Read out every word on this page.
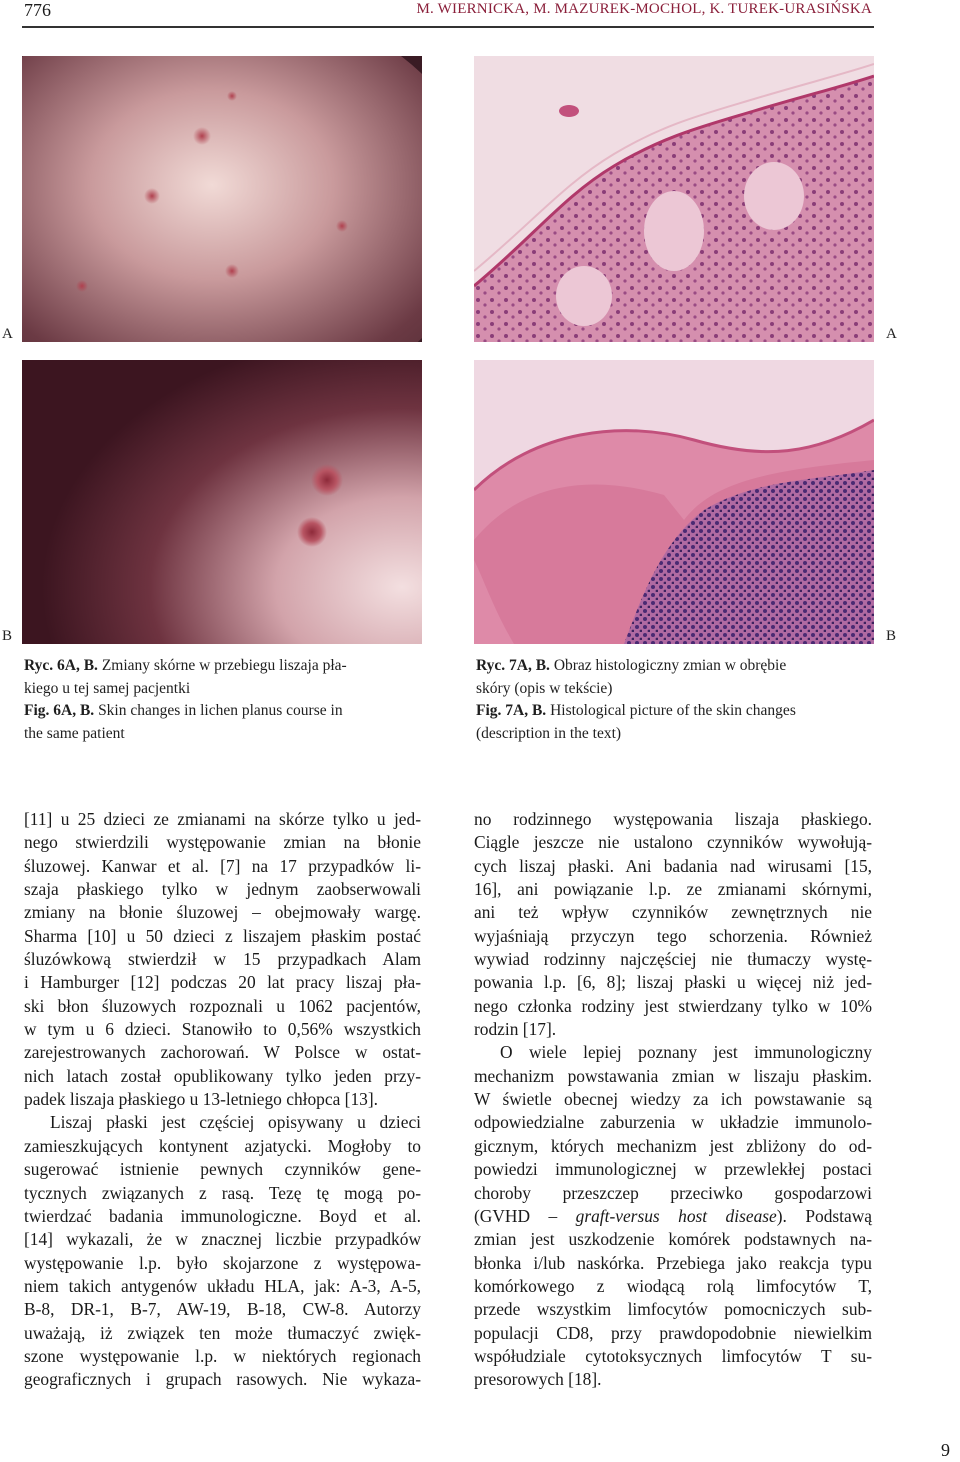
776	M. WIERNICKA, M. MAZUREK-MOCHOL, K. TUREK-URASIŃSKA
A	A
B	B
Ryc. 6A, B. Zmiany skórne w przebiegu liszaja pła-
kiego u tej samej pacjentki
Fig. 6A, B. Skin changes in lichen planus course in
the same patient
Ryc. 7A, B. Obraz histologiczny zmian w obrębie
skóry (opis w tekście)
Fig. 7A, B. Histological picture of the skin changes
(description in the text)
[11] u 25 dzieci ze zmianami na skórze tylko u jed-
nego stwierdzili występowanie zmian na błonie
śluzowej. Kanwar et al. [7] na 17 przypadków li-
szaja płaskiego tylko w jednym zaobserwowali
zmiany na błonie śluzowej – obejmowały wargę.
Sharma [10] u 50 dzieci z liszajem płaskim postać
śluzówkową stwierdził w 15 przypadkach Alam
i Hamburger [12] podczas 20 lat pracy liszaj pła-
ski błon śluzowych rozpoznali u 1062 pacjentów,
w tym u 6 dzieci. Stanowiło to 0,56% wszystkich
zarejestrowanych zachorowań. W Polsce w ostat-
nich latach został opublikowany tylko jeden przy-
padek liszaja płaskiego u 13-letniego chłopca [13].
Liszaj płaski jest częściej opisywany u dzieci
zamieszkujących kontynent azjatycki. Mogłoby to
sugerować istnienie pewnych czynników gene-
tycznych związanych z rasą. Tezę tę mogą po-
twierdzać badania immunologiczne. Boyd et al.
[14] wykazali, że w znacznej liczbie przypadków
występowanie l.p. było skojarzone z występowa-
niem takich antygenów układu HLA, jak: A-3, A-5,
B-8, DR-1, B-7, AW-19, B-18, CW-8. Autorzy
uważają, iż związek ten może tłumaczyć zwięk-
szone występowanie l.p. w niektórych regionach
geograficznych i grupach rasowych. Nie wykaza-
no rodzinnego występowania liszaja płaskiego.
Ciągle jeszcze nie ustalono czynników wywołują-
cych liszaj płaski. Ani badania nad wirusami [15,
16], ani powiązanie l.p. ze zmianami skórnymi,
ani też wpływ czynników zewnętrznych nie
wyjaśniają przyczyn tego schorzenia. Również
wywiad rodzinny najczęściej nie tłumaczy wystę-
powania l.p. [6, 8]; liszaj płaski u więcej niż jed-
nego członka rodziny jest stwierdzany tylko w 10%
rodzin [17].
O wiele lepiej poznany jest immunologiczny
mechanizm powstawania zmian w liszaju płaskim.
W świetle obecnej wiedzy za ich powstawanie są
odpowiedzialne zaburzenia w układzie immunolo-
gicznym, których mechanizm jest zbliżony do od-
powiedzi immunologicznej w przewlekłej postaci
choroby przeszczep przeciwko gospodarzowi
(GVHD – graft-versus host disease). Podstawą
zmian jest uszkodzenie komórek podstawnych na-
błonka i/lub naskórka. Przebiega jako reakcja typu
komórkowego z wiodącą rolą limfocytów T,
przede wszystkim limfocytów pomocniczych sub-
populacji CD8, przy prawdopodobnie niewielkim
współudziale cytotoksycznych limfocytów T su-
presorowych [18].
9
